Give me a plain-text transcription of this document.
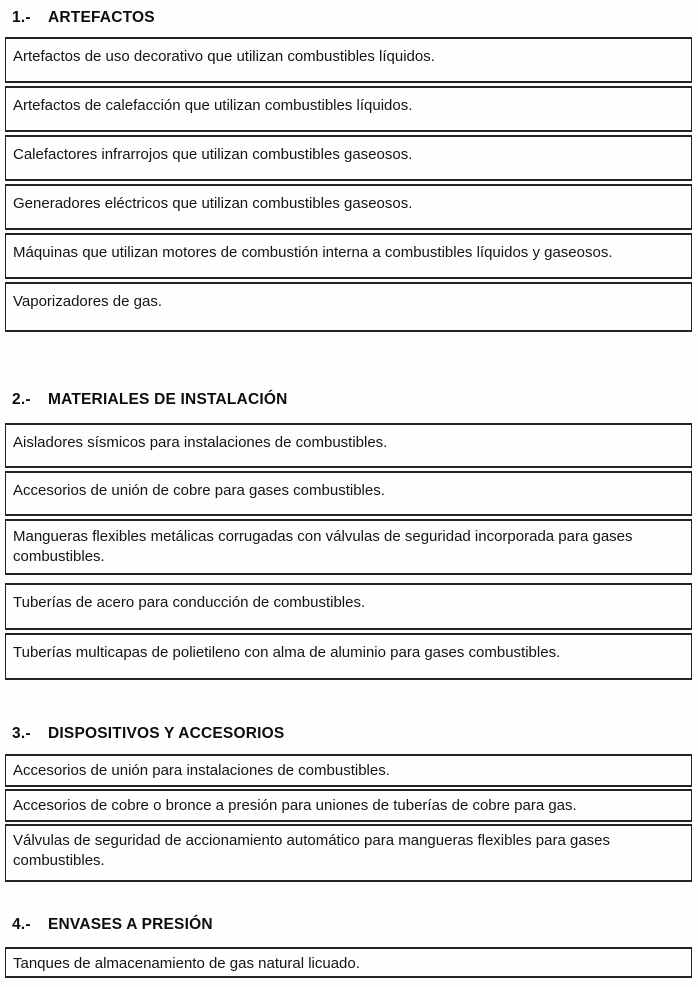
1.-	ARTEFACTOS
Artefactos de uso decorativo que utilizan combustibles líquidos.
Artefactos de calefacción que utilizan combustibles líquidos.
Calefactores infrarrojos que utilizan combustibles gaseosos.
Generadores eléctricos que utilizan combustibles gaseosos.
Máquinas que utilizan motores de combustión interna a combustibles líquidos y gaseosos.
Vaporizadores de gas.
2.-	MATERIALES DE INSTALACIÓN
Aisladores sísmicos para instalaciones de combustibles.
Accesorios de unión de cobre para gases combustibles.
Mangueras flexibles metálicas corrugadas con válvulas de seguridad incorporada para gases combustibles.
Tuberías de acero para conducción de combustibles.
Tuberías multicapas de polietileno con alma de aluminio para gases combustibles.
3.-	DISPOSITIVOS Y ACCESORIOS
Accesorios de unión para instalaciones de combustibles.
Accesorios de cobre o bronce a presión para uniones de tuberías de cobre para gas.
Válvulas de seguridad de accionamiento automático para mangueras flexibles para gases combustibles.
4.-	ENVASES A PRESIÓN
Tanques de almacenamiento de gas natural licuado.
